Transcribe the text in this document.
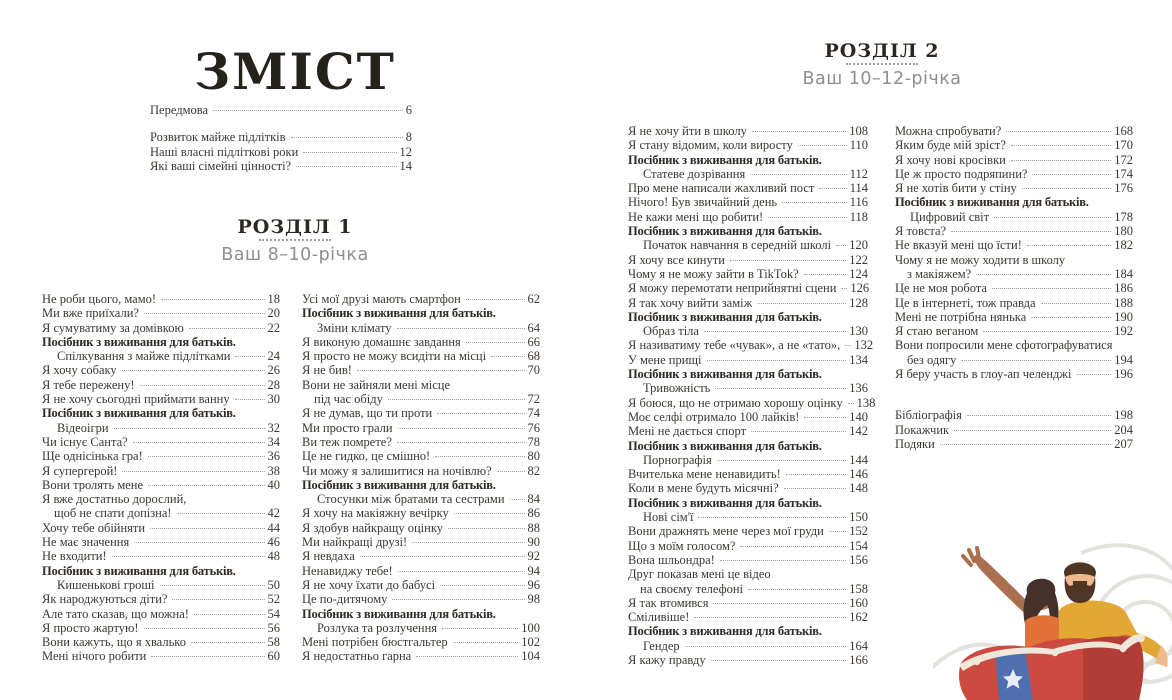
ЗМІСТ
Передмова	6
Розвиток майже підлітків	8
Наші власні підліткові роки	12
Які ваші сімейні цінності?	14
РОЗДІЛ 1
Ваш 8–10-річка
Не роби цього, мамо!	18
Ми вже приїхали?	20
Я сумуватиму за домівкою	22
Посібник з виживання для батьків.
Спілкування з майже підлітками	24
Я хочу собаку	26
Я тебе пережену!	28
Я не хочу сьогодні приймати ванну	30
Посібник з виживання для батьків.
Відеоігри	32
Чи існує Санта?	34
Ще однісінька гра!	36
Я супергерой!	38
Вони тролять мене	40
Я вже достатньо дорослий,
щоб не спати допізна!	42
Хочу тебе обійняти	44
Не має значення	46
Не входити!	48
Посібник з виживання для батьків.
Кишенькові гроші	50
Як народжуються діти?	52
Але тато сказав, що можна!	54
Я просто жартую!	56
Вони кажуть, що я хвалько	58
Мені нічого робити	60
Усі мої друзі мають смартфон	62
Посібник з виживання для батьків.
Зміни клімату	64
Я виконую домашнє завдання	66
Я просто не можу всидіти на місці	68
Я не бив!	70
Вони не зайняли мені місце
під час обіду	72
Я не думав, що ти проти	74
Ми просто грали	76
Ви теж помрете?	78
Це не гидко, це смішно!	80
Чи можу я залишитися на ночівлю?	82
Посібник з виживання для батьків.
Стосунки між братами та сестрами 84
Я хочу на макіяжну вечірку	86
Я здобув найкращу оцінку	88
Ми найкращі друзі!	90
Я невдаха	92
Ненавиджу тебе!	94
Я не хочу їхати до бабусі	96
Це по-дитячому	98
Посібник з виживання для батьків.
Розлука та розлучення	100
Мені потрібен бюстгальтер	102
Я недостатньо гарна	104
РОЗДІЛ 2
Ваш 10–12-річка
Я не хочу йти в школу	108
Я стану відомим, коли виросту	110
Посібник з виживання для батьків.
Статеве дозрівання	112
Про мене написали жахливий пост	114
Нічого! Був звичайний день	116
Не кажи мені що робити!	118
Посібник з виживання для батьків.
Початок навчання в середній школі 120
Я хочу все кинути	122
Чому я не можу зайти в TikTok?	124
Я можу перемотати неприйнятні сцени 126
Я так хочу вийти заміж	128
Посібник з виживання для батьків.
Образ тіла	130
Я називатиму тебе «чувак», а не «тато», 132
У мене прищі	134
Посібник з виживання для батьків.
Тривожність	136
Я боюся, що не отримаю хорошу оцінку 138
Моє селфі отримало 100 лайків!	140
Мені не дається спорт	142
Посібник з виживання для батьків.
Порнографія	144
Вчителька мене ненавидить!	146
Коли в мене будуть місячні?	148
Посібник з виживання для батьків.
Нові сім'ї	150
Вони дражнять мене через мої груди 152
Що з моїм голосом?	154
Вона шльондра!	156
Друг показав мені це відео
на своєму телефоні	158
Я так втомився	160
Сміливіше!	162
Посібник з виживання для батьків.
Гендер	164
Я кажу правду	166
Можна спробувати?	168
Яким буде мій зріст?	170
Я хочу нові кросівки	172
Це ж просто подряпини?	174
Я не хотів бити у стіну	176
Посібник з виживання для батьків.
Цифровий світ	178
Я товста?	180
Не вказуй мені що їсти!	182
Чому я не можу ходити в школу
з макіяжем?	184
Це не моя робота	186
Це в інтернеті, тож правда	188
Мені не потрібна нянька	190
Я стаю веганом	192
Вони попросили мене сфотографуватися
без одягу	194
Я беру участь в глоу-ап челенджі	196
Бібліографія	198
Покажчик	204
Подяки	207
